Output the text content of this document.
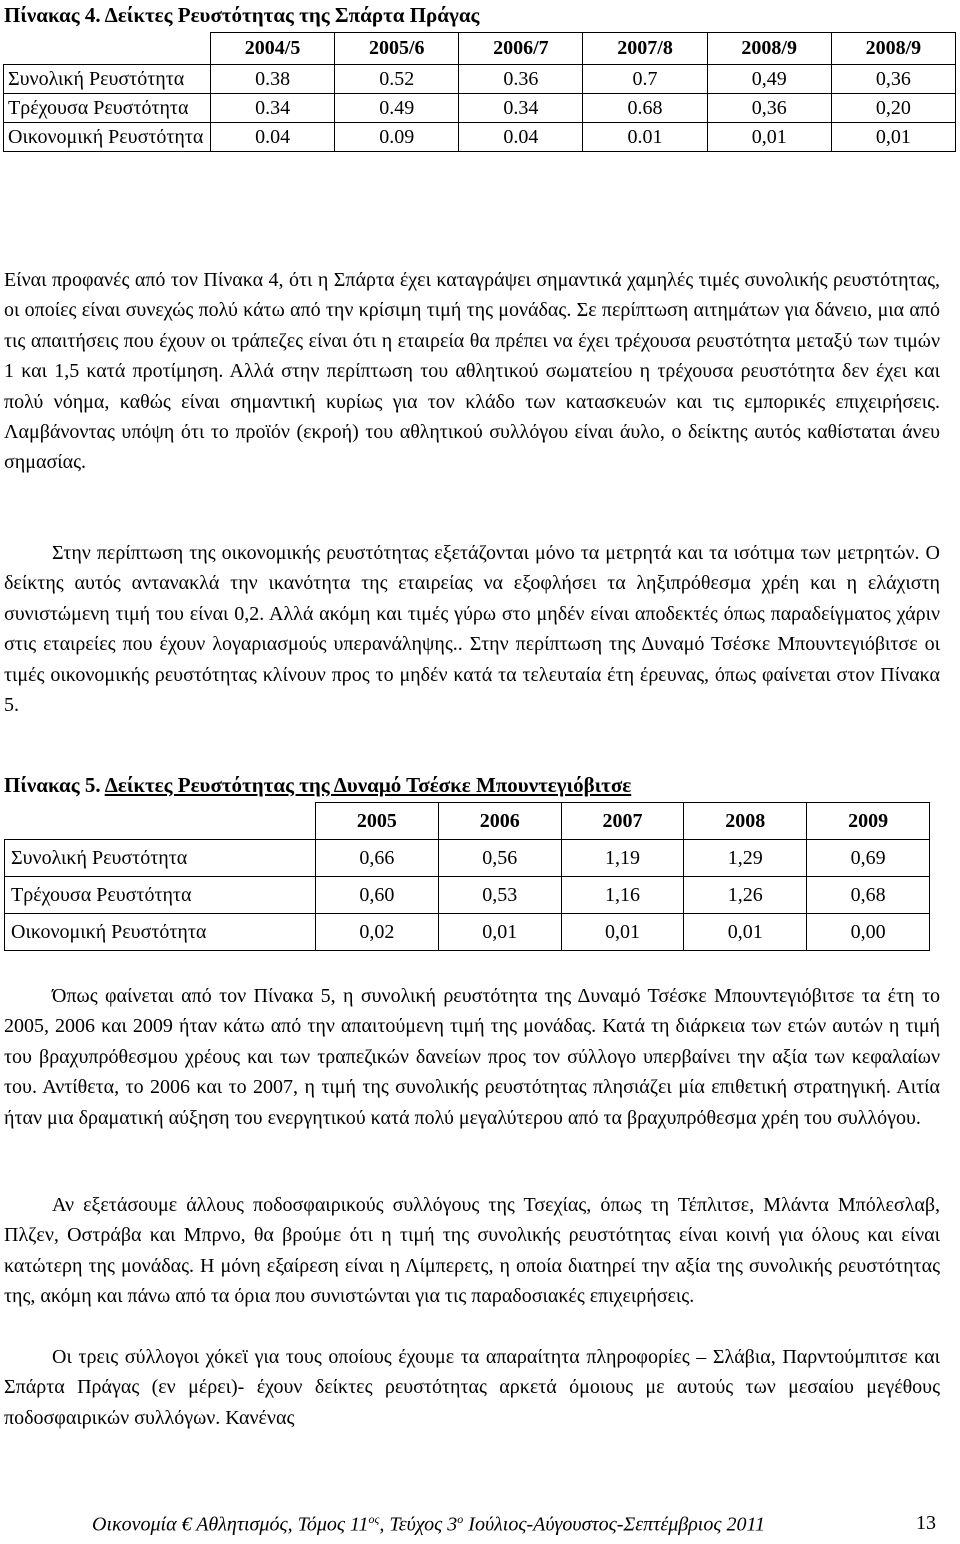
Πίνακας 4. Δείκτες Ρευστότητας της Σπάρτα Πράγας
	2004/5	2005/6	2006/7	2007/8	2008/9	2008/9
Συνολική Ρευστότητα	0.38	0.52	0.36	0.7	0,49	0,36
Τρέχουσα Ρευστότητα	0.34	0.49	0.34	0.68	0,36	0,20
Οικονομική Ρευστότητα	0.04	0.09	0.04	0.01	0,01	0,01

Είναι προφανές από τον Πίνακα 4, ότι η Σπάρτα έχει καταγράψει σημαντικά χαμηλές τιμές συνολικής ρευστότητας, οι οποίες είναι συνεχώς πολύ κάτω από την κρίσιμη τιμή της μονάδας. Σε περίπτωση αιτημάτων για δάνειο, μια από τις απαιτήσεις που έχουν οι τράπεζες είναι ότι η εταιρεία θα πρέπει να έχει τρέχουσα ρευστότητα μεταξύ των τιμών 1 και 1,5 κατά προτίμηση. Αλλά στην περίπτωση του αθλητικού σωματείου η τρέχουσα ρευστότητα δεν έχει και πολύ νόημα, καθώς είναι σημαντική κυρίως για τον κλάδο των κατασκευών και τις εμπορικές επιχειρήσεις. Λαμβάνοντας υπόψη ότι το προϊόν (εκροή) του αθλητικού συλλόγου είναι άυλο, ο δείκτης αυτός καθίσταται άνευ σημασίας.

Στην περίπτωση της οικονομικής ρευστότητας εξετάζονται μόνο τα μετρητά και τα ισότιμα των μετρητών. Ο δείκτης αυτός αντανακλά την ικανότητα της εταιρείας να εξοφλήσει τα ληξιπρόθεσμα χρέη και η ελάχιστη συνιστώμενη τιμή του είναι 0,2. Αλλά ακόμη και τιμές γύρω στο μηδέν είναι αποδεκτές όπως παραδείγματος χάριν στις εταιρείες που έχουν λογαριασμούς υπερανάληψης.. Στην περίπτωση της Δυναμό Τσέσκε Μπουντεγιόβιτσε οι τιμές οικονομικής ρευστότητας κλίνουν προς το μηδέν κατά τα τελευταία έτη έρευνας, όπως φαίνεται στον Πίνακα 5.

Πίνακας 5. Δείκτες Ρευστότητας της Δυναμό Τσέσκε Μπουντεγιόβιτσε
	2005	2006	2007	2008	2009
Συνολική Ρευστότητα	0,66	0,56	1,19	1,29	0,69
Τρέχουσα Ρευστότητα	0,60	0,53	1,16	1,26	0,68
Οικονομική Ρευστότητα	0,02	0,01	0,01	0,01	0,00

Όπως φαίνεται από τον Πίνακα 5, η συνολική ρευστότητα της Δυναμό Τσέσκε Μπουντεγιόβιτσε τα έτη το 2005, 2006 και 2009 ήταν κάτω από την απαιτούμενη τιμή της μονάδας. Κατά τη διάρκεια των ετών αυτών η τιμή του βραχυπρόθεσμου χρέους και των τραπεζικών δανείων προς τον σύλλογο υπερβαίνει την αξία των κεφαλαίων του. Αντίθετα, το 2006 και το 2007, η τιμή της συνολικής ρευστότητας πλησιάζει μία επιθετική στρατηγική. Αιτία ήταν μια δραματική αύξηση του ενεργητικού κατά πολύ μεγαλύτερου από τα βραχυπρόθεσμα χρέη του συλλόγου.

Αν εξετάσουμε άλλους ποδοσφαιρικούς συλλόγους της Τσεχίας, όπως τη Τέπλιτσε, Μλάντα Μπόλεσλαβ, Πλζεν, Οστράβα και Μπρνο, θα βρούμε ότι η τιμή της συνολικής ρευστότητας είναι κοινή για όλους και είναι κατώτερη της μονάδας. Η μόνη εξαίρεση είναι η Λίμπερετς, η οποία διατηρεί την αξία της συνολικής ρευστότητας της, ακόμη και πάνω από τα όρια που συνιστώνται για τις παραδοσιακές επιχειρήσεις.

Οι τρεις σύλλογοι χόκεϊ για τους οποίους έχουμε τα απαραίτητα πληροφορίες – Σλάβια, Παρντούμπιτσε και Σπάρτα Πράγας (εν μέρει)- έχουν δείκτες ρευστότητας αρκετά όμοιους με αυτούς των μεσαίου μεγέθους ποδοσφαιρικών συλλόγων. Κανένας

Οικονομία € Αθλητισμός, Τόμος $11^{o\varsigma}$, Τεύχος $3^o$ Ιούλιος-Αύγουστος-Σεπτέμβριος 2011	13
